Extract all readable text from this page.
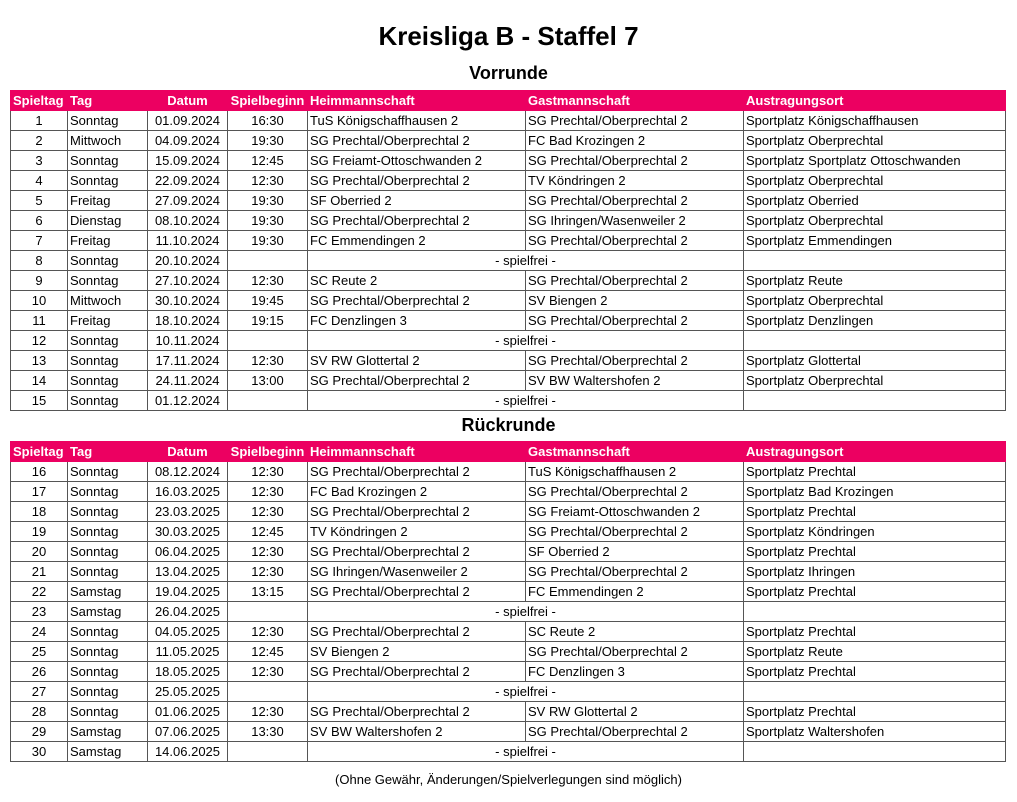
Kreisliga B - Staffel 7
Vorrunde
Spieltag	Tag	Datum	Spielbeginn	Heimmannschaft	Gastmannschaft	Austragungsort
1	Sonntag	01.09.2024	16:30	TuS Königschaffhausen 2	SG Prechtal/Oberprechtal 2	Sportplatz Königschaffhausen
2	Mittwoch	04.09.2024	19:30	SG Prechtal/Oberprechtal 2	FC Bad Krozingen 2	Sportplatz Oberprechtal
3	Sonntag	15.09.2024	12:45	SG Freiamt-Ottoschwanden 2	SG Prechtal/Oberprechtal 2	Sportplatz Sportplatz Ottoschwanden
4	Sonntag	22.09.2024	12:30	SG Prechtal/Oberprechtal 2	TV Köndringen 2	Sportplatz Oberprechtal
5	Freitag	27.09.2024	19:30	SF Oberried 2	SG Prechtal/Oberprechtal 2	Sportplatz Oberried
6	Dienstag	08.10.2024	19:30	SG Prechtal/Oberprechtal 2	SG Ihringen/Wasenweiler 2	Sportplatz Oberprechtal
7	Freitag	11.10.2024	19:30	FC Emmendingen 2	SG Prechtal/Oberprechtal 2	Sportplatz Emmendingen
8	Sonntag	20.10.2024		- spielfrei -		
9	Sonntag	27.10.2024	12:30	SC Reute 2	SG Prechtal/Oberprechtal 2	Sportplatz Reute
10	Mittwoch	30.10.2024	19:45	SG Prechtal/Oberprechtal 2	SV Biengen 2	Sportplatz Oberprechtal
11	Freitag	18.10.2024	19:15	FC Denzlingen 3	SG Prechtal/Oberprechtal 2	Sportplatz Denzlingen
12	Sonntag	10.11.2024		- spielfrei -		
13	Sonntag	17.11.2024	12:30	SV RW Glottertal 2	SG Prechtal/Oberprechtal 2	Sportplatz Glottertal
14	Sonntag	24.11.2024	13:00	SG Prechtal/Oberprechtal 2	SV BW Waltershofen 2	Sportplatz Oberprechtal
15	Sonntag	01.12.2024		- spielfrei -		
Rückrunde
Spieltag	Tag	Datum	Spielbeginn	Heimmannschaft	Gastmannschaft	Austragungsort
16	Sonntag	08.12.2024	12:30	SG Prechtal/Oberprechtal 2	TuS Königschaffhausen 2	Sportplatz Prechtal
17	Sonntag	16.03.2025	12:30	FC Bad Krozingen 2	SG Prechtal/Oberprechtal 2	Sportplatz Bad Krozingen
18	Sonntag	23.03.2025	12:30	SG Prechtal/Oberprechtal 2	SG Freiamt-Ottoschwanden 2	Sportplatz Prechtal
19	Sonntag	30.03.2025	12:45	TV Köndringen 2	SG Prechtal/Oberprechtal 2	Sportplatz Köndringen
20	Sonntag	06.04.2025	12:30	SG Prechtal/Oberprechtal 2	SF Oberried 2	Sportplatz Prechtal
21	Sonntag	13.04.2025	12:30	SG Ihringen/Wasenweiler 2	SG Prechtal/Oberprechtal 2	Sportplatz Ihringen
22	Samstag	19.04.2025	13:15	SG Prechtal/Oberprechtal 2	FC Emmendingen 2	Sportplatz Prechtal
23	Samstag	26.04.2025		- spielfrei -		
24	Sonntag	04.05.2025	12:30	SG Prechtal/Oberprechtal 2	SC Reute 2	Sportplatz Prechtal
25	Sonntag	11.05.2025	12:45	SV Biengen 2	SG Prechtal/Oberprechtal 2	Sportplatz Reute
26	Sonntag	18.05.2025	12:30	SG Prechtal/Oberprechtal 2	FC Denzlingen 3	Sportplatz Prechtal
27	Sonntag	25.05.2025		- spielfrei -		
28	Sonntag	01.06.2025	12:30	SG Prechtal/Oberprechtal 2	SV RW Glottertal 2	Sportplatz Prechtal
29	Samstag	07.06.2025	13:30	SV BW Waltershofen 2	SG Prechtal/Oberprechtal 2	Sportplatz Waltershofen
30	Samstag	14.06.2025		- spielfrei -		
(Ohne Gewähr, Änderungen/Spielverlegungen sind möglich)
